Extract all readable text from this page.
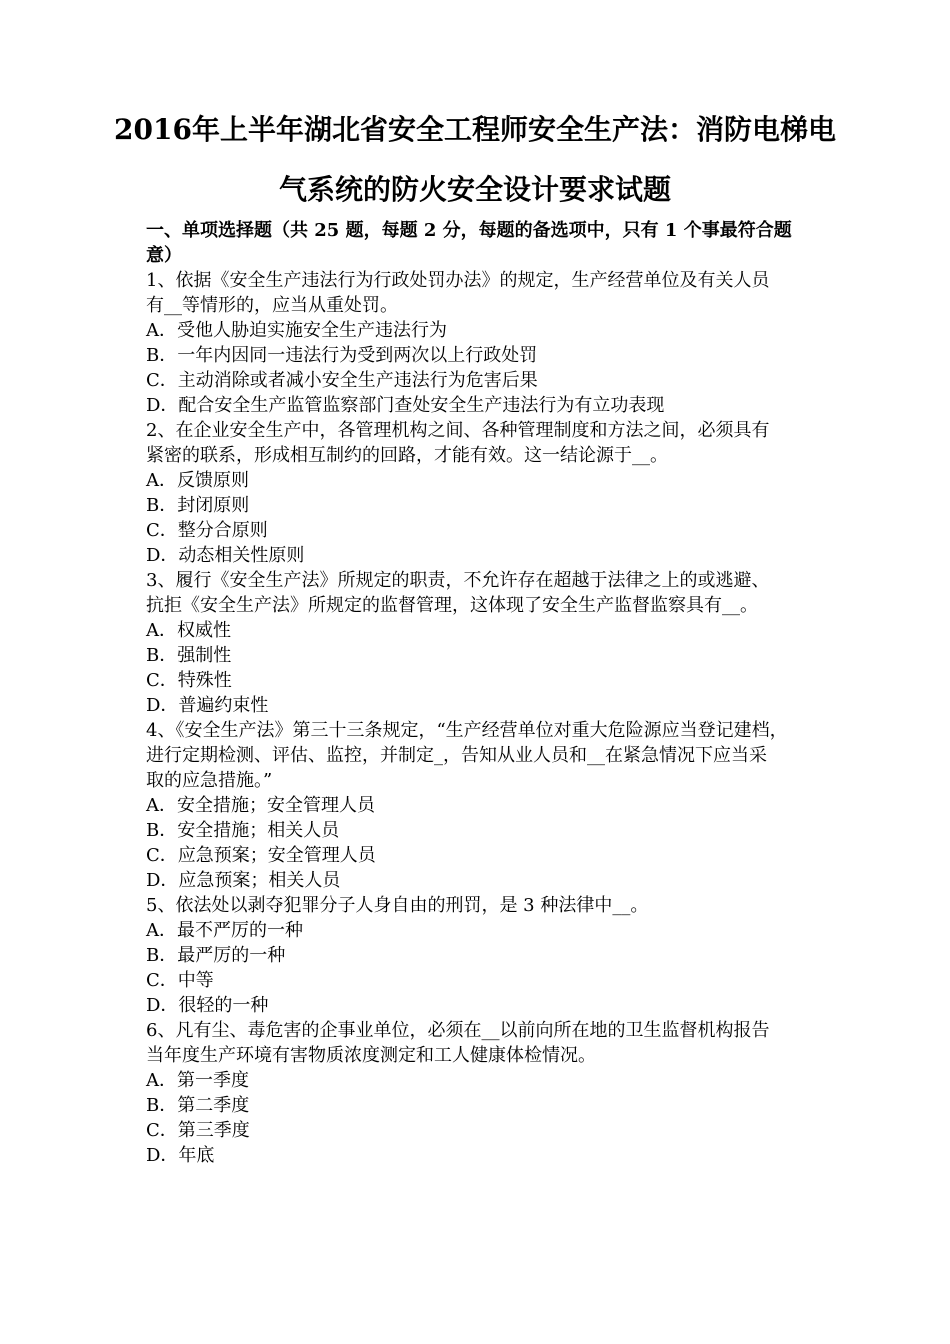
2016年上半年湖北省安全工程师安全生产法：消防电梯电
气系统的防火安全设计要求试题
一、单项选择题（共 25 题，每题 2 分，每题的备选项中，只有 1 个事最符合题
意）
1、依据《安全生产违法行为行政处罚办法》的规定，生产经营单位及有关人员
有__等情形的，应当从重处罚。
A．受他人胁迫实施安全生产违法行为
B．一年内因同一违法行为受到两次以上行政处罚
C．主动消除或者减小安全生产违法行为危害后果
D．配合安全生产监管监察部门查处安全生产违法行为有立功表现
2、在企业安全生产中，各管理机构之间、各种管理制度和方法之间，必须具有
紧密的联系，形成相互制约的回路，才能有效。这一结论源于__。
A．反馈原则
B．封闭原则
C．整分合原则
D．动态相关性原则
3、履行《安全生产法》所规定的职责，不允许存在超越于法律之上的或逃避、
抗拒《安全生产法》所规定的监督管理，这体现了安全生产监督监察具有__。
A．权威性
B．强制性
C．特殊性
D．普遍约束性
4、《安全生产法》第三十三条规定，“生产经营单位对重大危险源应当登记建档，
进行定期检测、评估、监控，并制定_，告知从业人员和__在紧急情况下应当采
取的应急措施。”
A．安全措施；安全管理人员
B．安全措施；相关人员
C．应急预案；安全管理人员
D．应急预案；相关人员
5、依法处以剥夺犯罪分子人身自由的刑罚，是 3 种法律中__。
A．最不严厉的一种
B．最严厉的一种
C．中等
D．很轻的一种
6、凡有尘、毒危害的企事业单位，必须在__以前向所在地的卫生监督机构报告
当年度生产环境有害物质浓度测定和工人健康体检情况。
A．第一季度
B．第二季度
C．第三季度
D．年底
